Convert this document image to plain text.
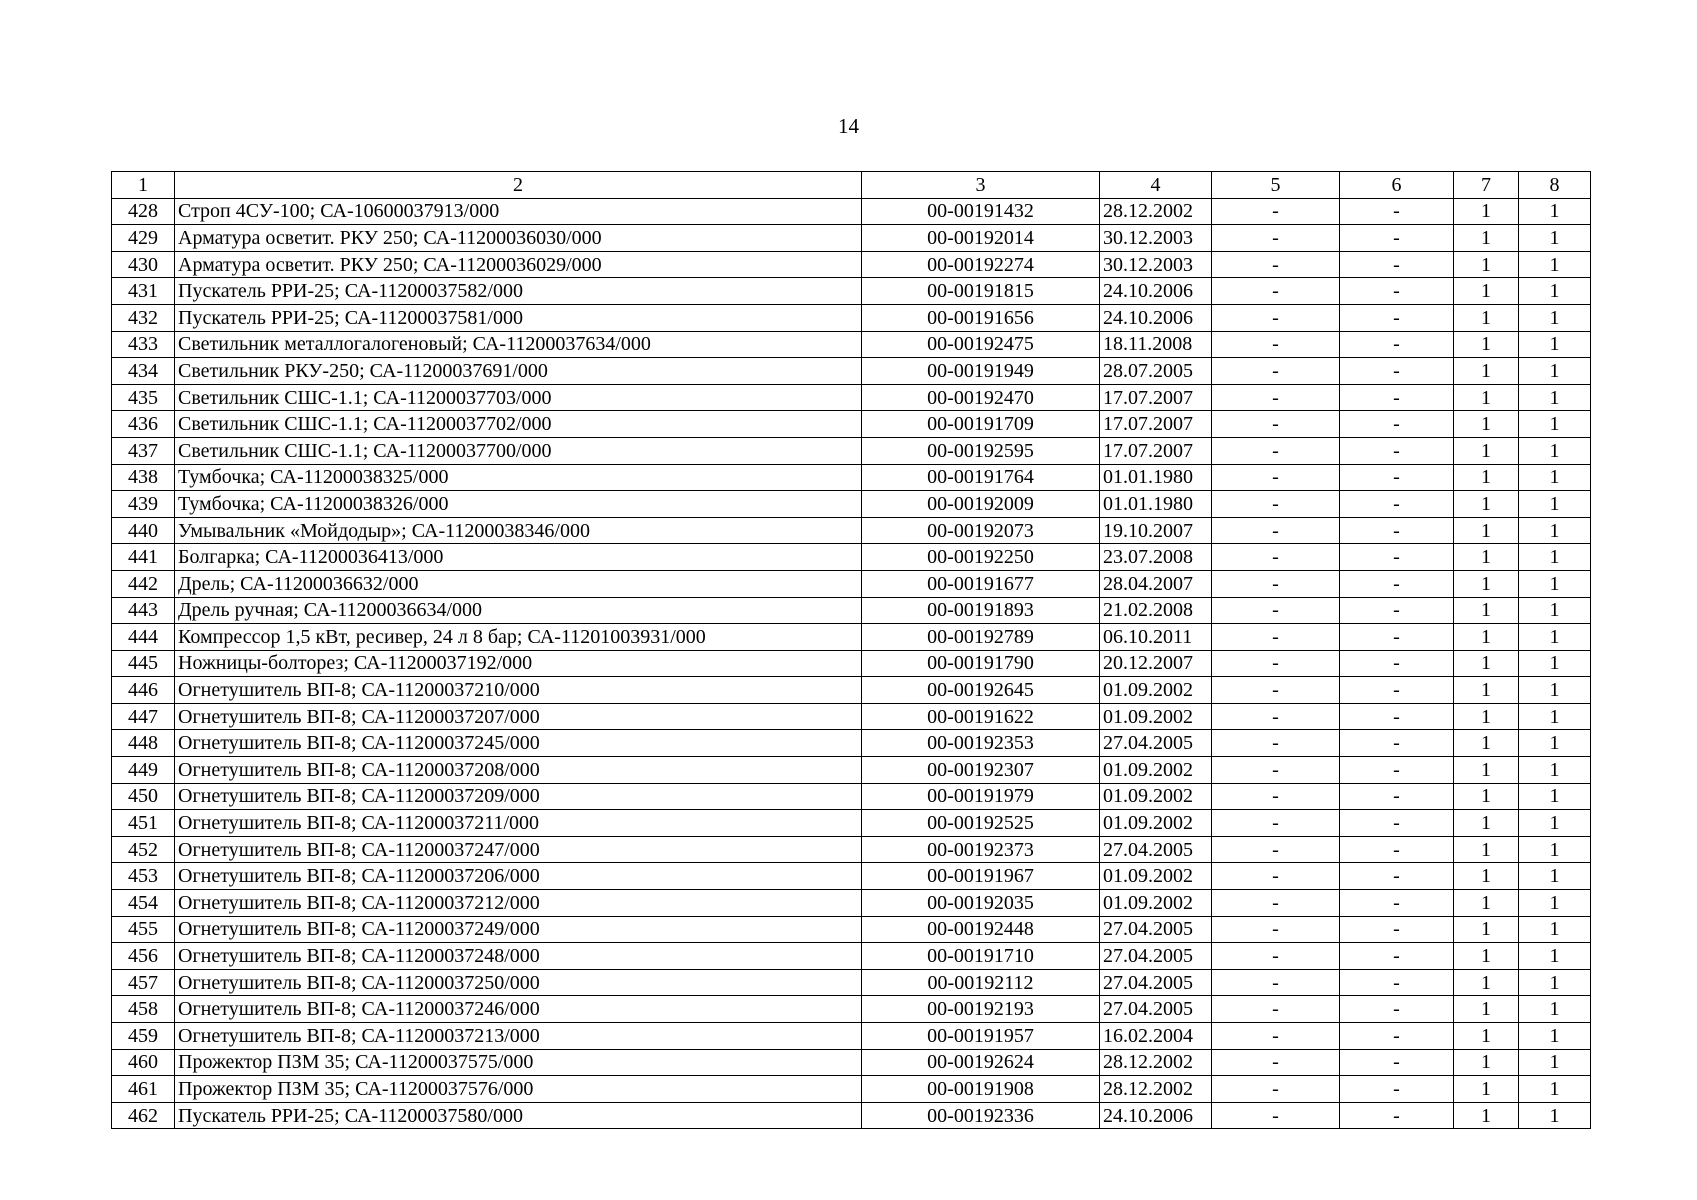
14
1	2	3	4	5	6	7	8
428	Строп 4СУ-100; СА-10600037913/000	00-00191432	28.12.2002	-	-	1	1
429	Арматура осветит. РКУ 250; СА-11200036030/000	00-00192014	30.12.2003	-	-	1	1
430	Арматура осветит. РКУ 250; СА-11200036029/000	00-00192274	30.12.2003	-	-	1	1
431	Пускатель РРИ-25; СА-11200037582/000	00-00191815	24.10.2006	-	-	1	1
432	Пускатель РРИ-25; СА-11200037581/000	00-00191656	24.10.2006	-	-	1	1
433	Светильник металлогалогеновый; СА-11200037634/000	00-00192475	18.11.2008	-	-	1	1
434	Светильник РКУ-250; СА-11200037691/000	00-00191949	28.07.2005	-	-	1	1
435	Светильник СШС-1.1; СА-11200037703/000	00-00192470	17.07.2007	-	-	1	1
436	Светильник СШС-1.1; СА-11200037702/000	00-00191709	17.07.2007	-	-	1	1
437	Светильник СШС-1.1; СА-11200037700/000	00-00192595	17.07.2007	-	-	1	1
438	Тумбочка; СА-11200038325/000	00-00191764	01.01.1980	-	-	1	1
439	Тумбочка; СА-11200038326/000	00-00192009	01.01.1980	-	-	1	1
440	Умывальник «Мойдодыр»; СА-11200038346/000	00-00192073	19.10.2007	-	-	1	1
441	Болгарка; СА-11200036413/000	00-00192250	23.07.2008	-	-	1	1
442	Дрель; СА-11200036632/000	00-00191677	28.04.2007	-	-	1	1
443	Дрель ручная; СА-11200036634/000	00-00191893	21.02.2008	-	-	1	1
444	Компрессор 1,5 кВт, ресивер, 24 л 8 бар; СА-11201003931/000	00-00192789	06.10.2011	-	-	1	1
445	Ножницы-болторез; СА-11200037192/000	00-00191790	20.12.2007	-	-	1	1
446	Огнетушитель ВП-8; СА-11200037210/000	00-00192645	01.09.2002	-	-	1	1
447	Огнетушитель ВП-8; СА-11200037207/000	00-00191622	01.09.2002	-	-	1	1
448	Огнетушитель ВП-8; СА-11200037245/000	00-00192353	27.04.2005	-	-	1	1
449	Огнетушитель ВП-8; СА-11200037208/000	00-00192307	01.09.2002	-	-	1	1
450	Огнетушитель ВП-8; СА-11200037209/000	00-00191979	01.09.2002	-	-	1	1
451	Огнетушитель ВП-8; СА-11200037211/000	00-00192525	01.09.2002	-	-	1	1
452	Огнетушитель ВП-8; СА-11200037247/000	00-00192373	27.04.2005	-	-	1	1
453	Огнетушитель ВП-8; СА-11200037206/000	00-00191967	01.09.2002	-	-	1	1
454	Огнетушитель ВП-8; СА-11200037212/000	00-00192035	01.09.2002	-	-	1	1
455	Огнетушитель ВП-8; СА-11200037249/000	00-00192448	27.04.2005	-	-	1	1
456	Огнетушитель ВП-8; СА-11200037248/000	00-00191710	27.04.2005	-	-	1	1
457	Огнетушитель ВП-8; СА-11200037250/000	00-00192112	27.04.2005	-	-	1	1
458	Огнетушитель ВП-8; СА-11200037246/000	00-00192193	27.04.2005	-	-	1	1
459	Огнетушитель ВП-8; СА-11200037213/000	00-00191957	16.02.2004	-	-	1	1
460	Прожектор ПЗМ 35; СА-11200037575/000	00-00192624	28.12.2002	-	-	1	1
461	Прожектор ПЗМ 35; СА-11200037576/000	00-00191908	28.12.2002	-	-	1	1
462	Пускатель РРИ-25; СА-11200037580/000	00-00192336	24.10.2006	-	-	1	1
